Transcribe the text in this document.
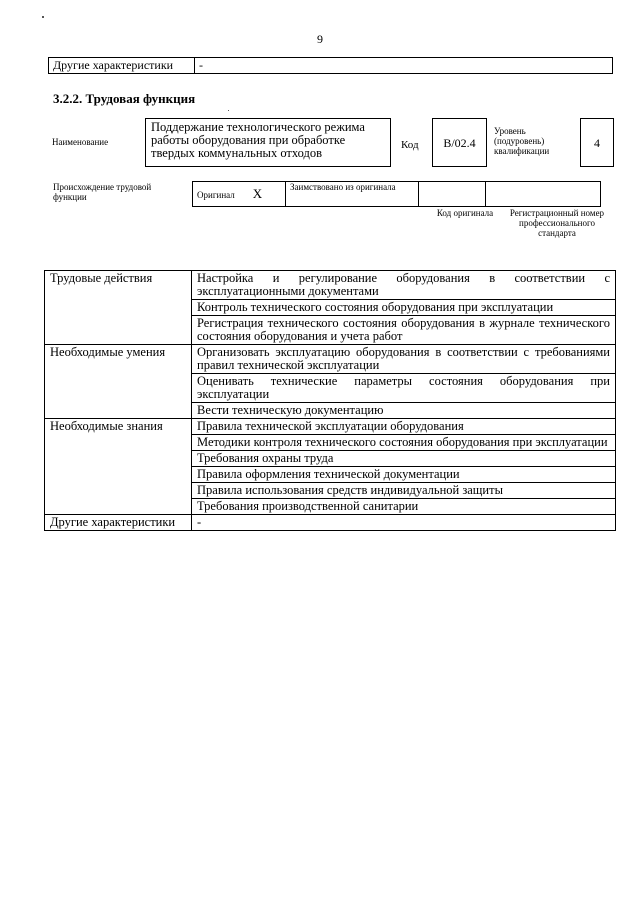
9
Другие характеристики	-
3.2.2. Трудовая функция
Наименование
Поддержание технологического режима работы оборудования при обработке твердых коммунальных отходов
Код	B/02.4
Уровень (подуровень) квалификации
4
Происхождение трудовой функции	Оригинал X	Заимствовано из оригинала		
Код оригинала	Регистрационный номер профессионального стандарта
Трудовые действия	Настройка и регулирование оборудования в соответствии с эксплуатационными документами
	Контроль технического состояния оборудования при эксплуатации
	Регистрация технического состояния оборудования в журнале технического состояния оборудования и учета работ
Необходимые умения	Организовать эксплуатацию оборудования в соответствии с требованиями правил технической эксплуатации
	Оценивать технические параметры состояния оборудования при эксплуатации
	Вести техническую документацию
Необходимые знания	Правила технической эксплуатации оборудования
	Методики контроля технического состояния оборудования при эксплуатации
	Требования охраны труда
	Правила оформления технической документации
	Правила использования средств индивидуальной защиты
	Требования производственной санитарии
Другие характеристики	-
